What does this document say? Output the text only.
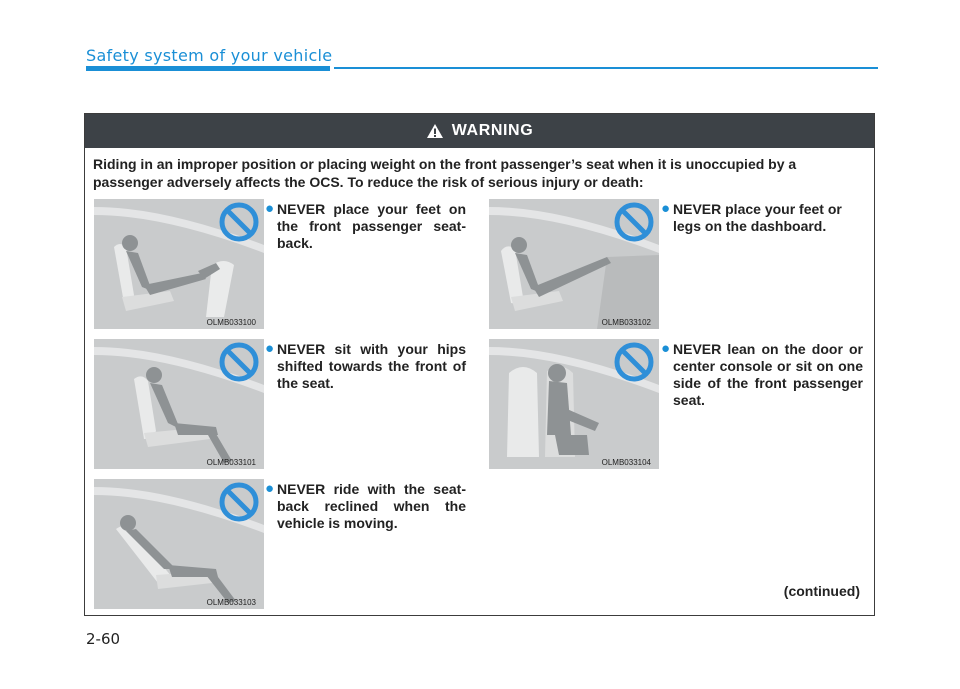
Safety system of your vehicle
WARNING

Riding in an improper position or placing weight on the front passenger’s seat when it is unoccupied by a passenger adversely affects the OCS. To reduce the risk of serious injury or death:

OLMB033100

● NEVER place your feet on the front passenger seat-back.

OLMB033102

● NEVER place your feet or legs on the dashboard.

OLMB033101

● NEVER sit with your hips shifted towards the front of the seat.

OLMB033104

● NEVER lean on the door or center console or sit on one side of the front passenger seat.

OLMB033103

● NEVER ride with the seat-back reclined when the vehicle is moving.

(continued)
2-60
